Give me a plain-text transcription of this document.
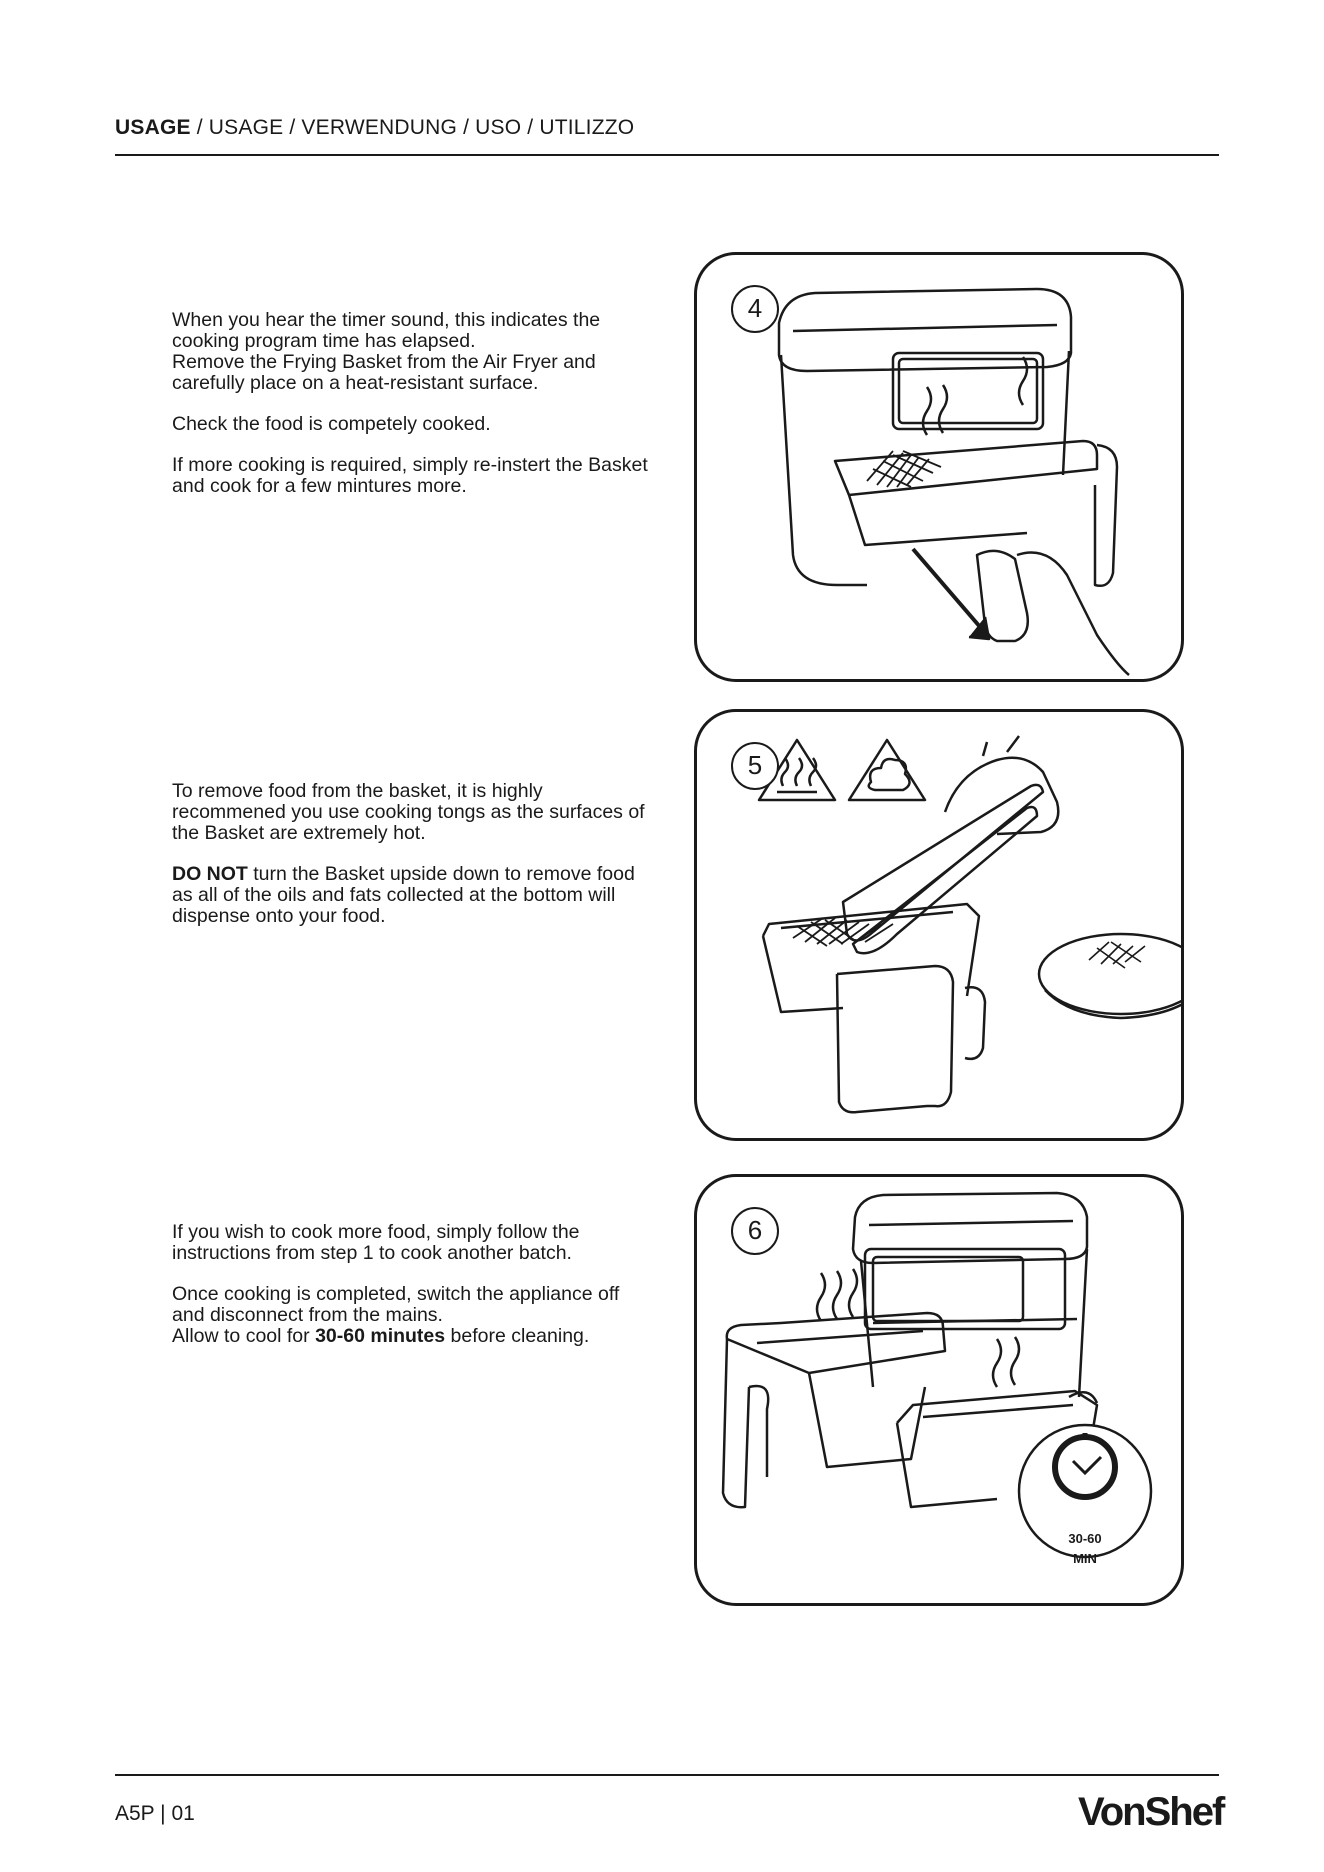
USAGE / USAGE / VERWENDUNG / USO / UTILIZZO

When you hear the timer sound, this indicates the cooking program time has elapsed.
Remove the Frying Basket from the Air Fryer and carefully place on a heat-resistant surface.

Check the food is competely cooked.

If more cooking is required, simply re-instert the Basket and cook for a few mintures more.

4

To remove food from the basket, it is highly recommened you use cooking tongs as the surfaces of the Basket are extremely hot.

DO NOT turn the Basket upside down to remove food as all of the oils and fats collected at the bottom will dispense onto your food.

5

If you wish to cook more food, simply follow the instructions from step 1 to cook another batch.

Once cooking is completed, switch the appliance off and disconnect from the mains.

Allow to cool for 30-60 minutes before cleaning.

30-60
MIN
6
A5P | 01	VonShef
